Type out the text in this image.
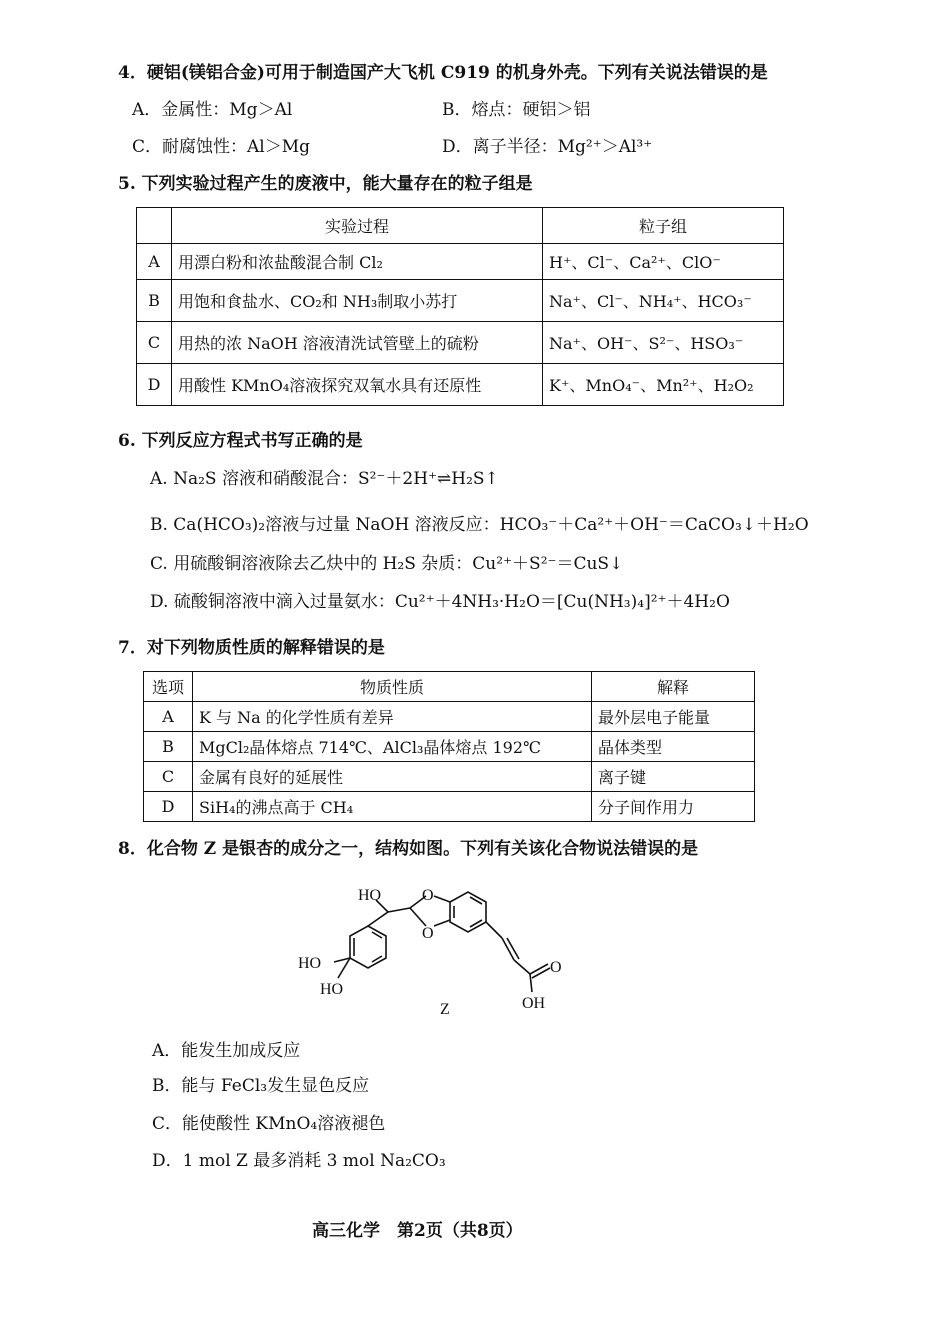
4．硬铝(镁铝合金)可用于制造国产大飞机 C919 的机身外壳。下列有关说法错误的是
A．金属性：Mg＞Al	B．熔点：硬铝＞铝
C．耐腐蚀性：Al＞Mg	D．离子半径：Mg²⁺＞Al³⁺
5. 下列实验过程产生的废液中，能大量存在的粒子组是
	实验过程	粒子组
A	用漂白粉和浓盐酸混合制 Cl₂	H⁺、Cl⁻、Ca²⁺、ClO⁻
B	用饱和食盐水、CO₂和 NH₃制取小苏打	Na⁺、Cl⁻、NH₄⁺、HCO₃⁻
C	用热的浓 NaOH 溶液清洗试管壁上的硫粉	Na⁺、OH⁻、S²⁻、HSO₃⁻
D	用酸性 KMnO₄溶液探究双氧水具有还原性	K⁺、MnO₄⁻、Mn²⁺、H₂O₂
6. 下列反应方程式书写正确的是
A. Na₂S 溶液和硝酸混合：S²⁻＋2H⁺⇌H₂S↑
B. Ca(HCO₃)₂溶液与过量 NaOH 溶液反应：HCO₃⁻＋Ca²⁺＋OH⁻＝CaCO₃↓＋H₂O
C. 用硫酸铜溶液除去乙炔中的 H₂S 杂质：Cu²⁺＋S²⁻＝CuS↓
D. 硫酸铜溶液中滴入过量氨水：Cu²⁺＋4NH₃·H₂O＝[Cu(NH₃)₄]²⁺＋4H₂O
7．对下列物质性质的解释错误的是
选项	物质性质	解释
A	K 与 Na 的化学性质有差异	最外层电子能量
B	MgCl₂晶体熔点 714℃、AlCl₃晶体熔点 192℃	晶体类型
C	金属有良好的延展性	离子键
D	SiH₄的沸点高于 CH₄	分子间作用力
8．化合物 Z 是银杏的成分之一，结构如图。下列有关该化合物说法错误的是
HO	O
O
HO
HO
O
OH
Z
A．能发生加成反应
B．能与 FeCl₃发生显色反应
C．能使酸性 KMnO₄溶液褪色
D．1 mol Z 最多消耗 3 mol Na₂CO₃
高三化学　第2页（共8页）
